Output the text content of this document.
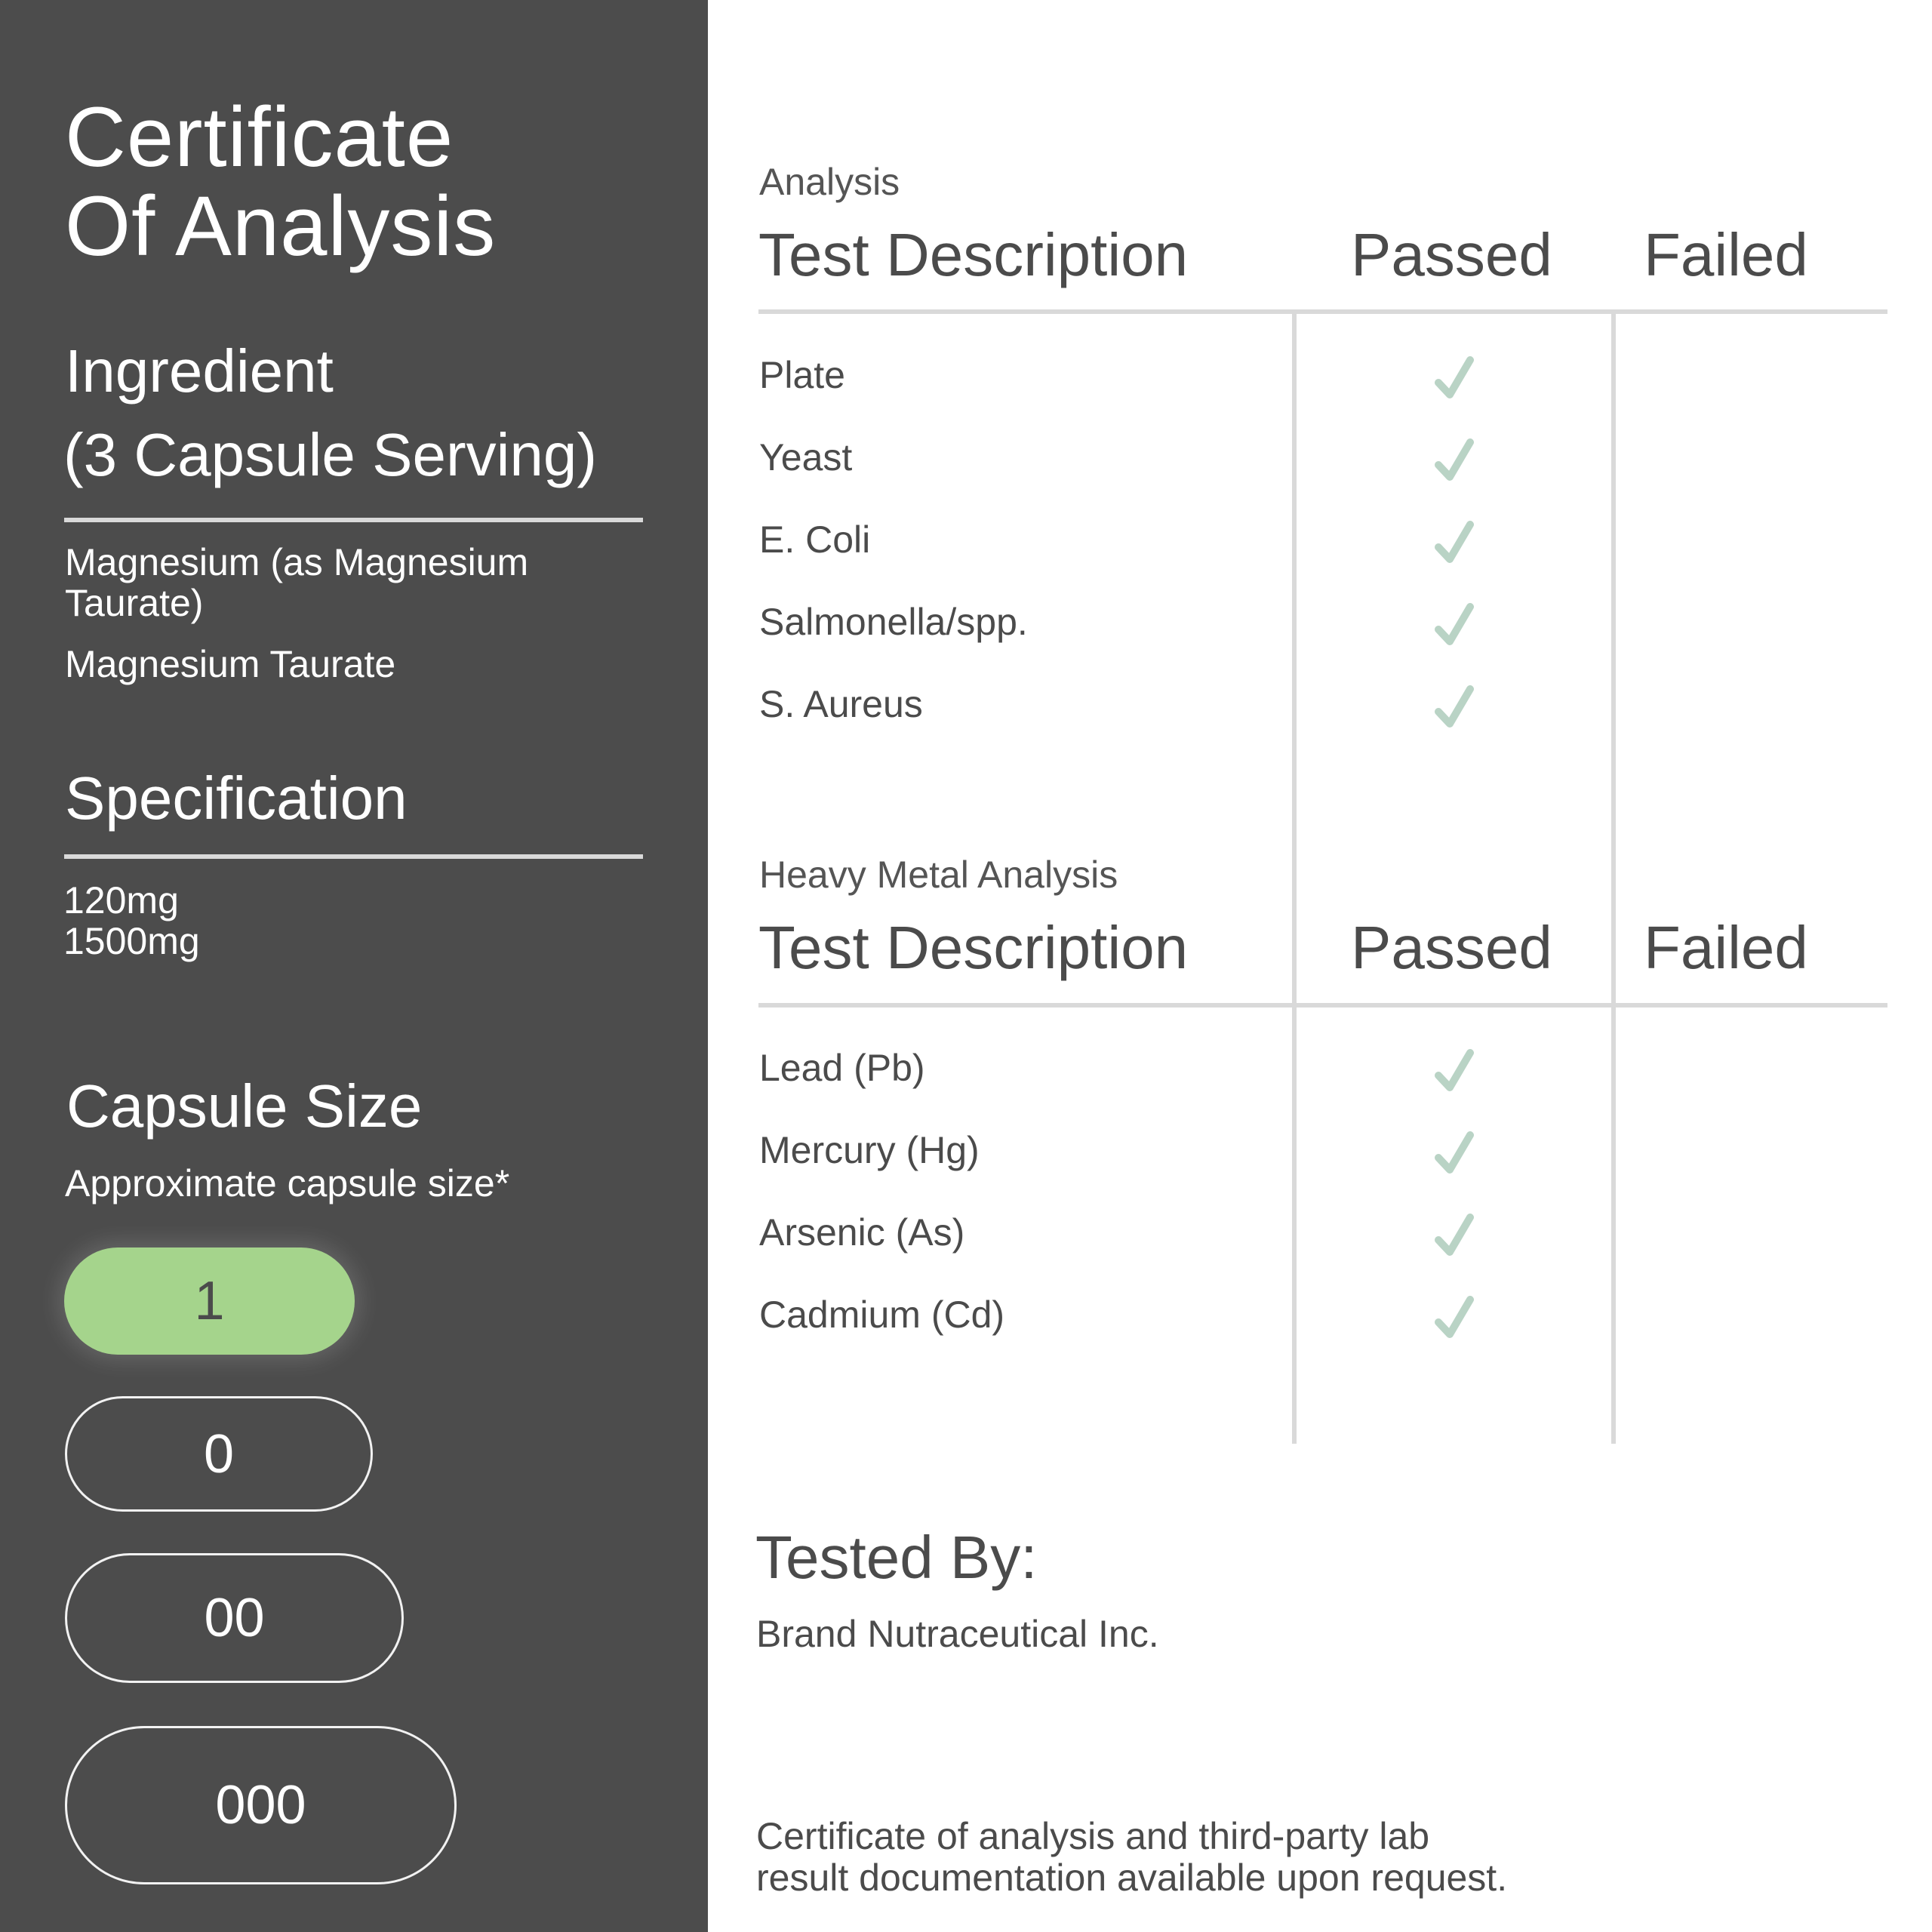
Certificate
Of Analysis
Ingredient
(3 Capsule Serving)
Magnesium (as Magnesium
Taurate)
Magnesium Taurate
Specification
120mg
1500mg
Capsule Size
Approximate capsule size*
1
0
00
000
Analysis
Test Description	Passed Failed
Plate
Yeast
E. Coli
Salmonella/spp.
S. Aureus
Heavy Metal Analysis
Test Description	Passed Failed
Lead (Pb)
Mercury (Hg)
Arsenic (As)
Cadmium (Cd)
Tested By:
Brand Nutraceutical Inc.
Certificate of analysis and third-party lab
result documentation available upon request.
